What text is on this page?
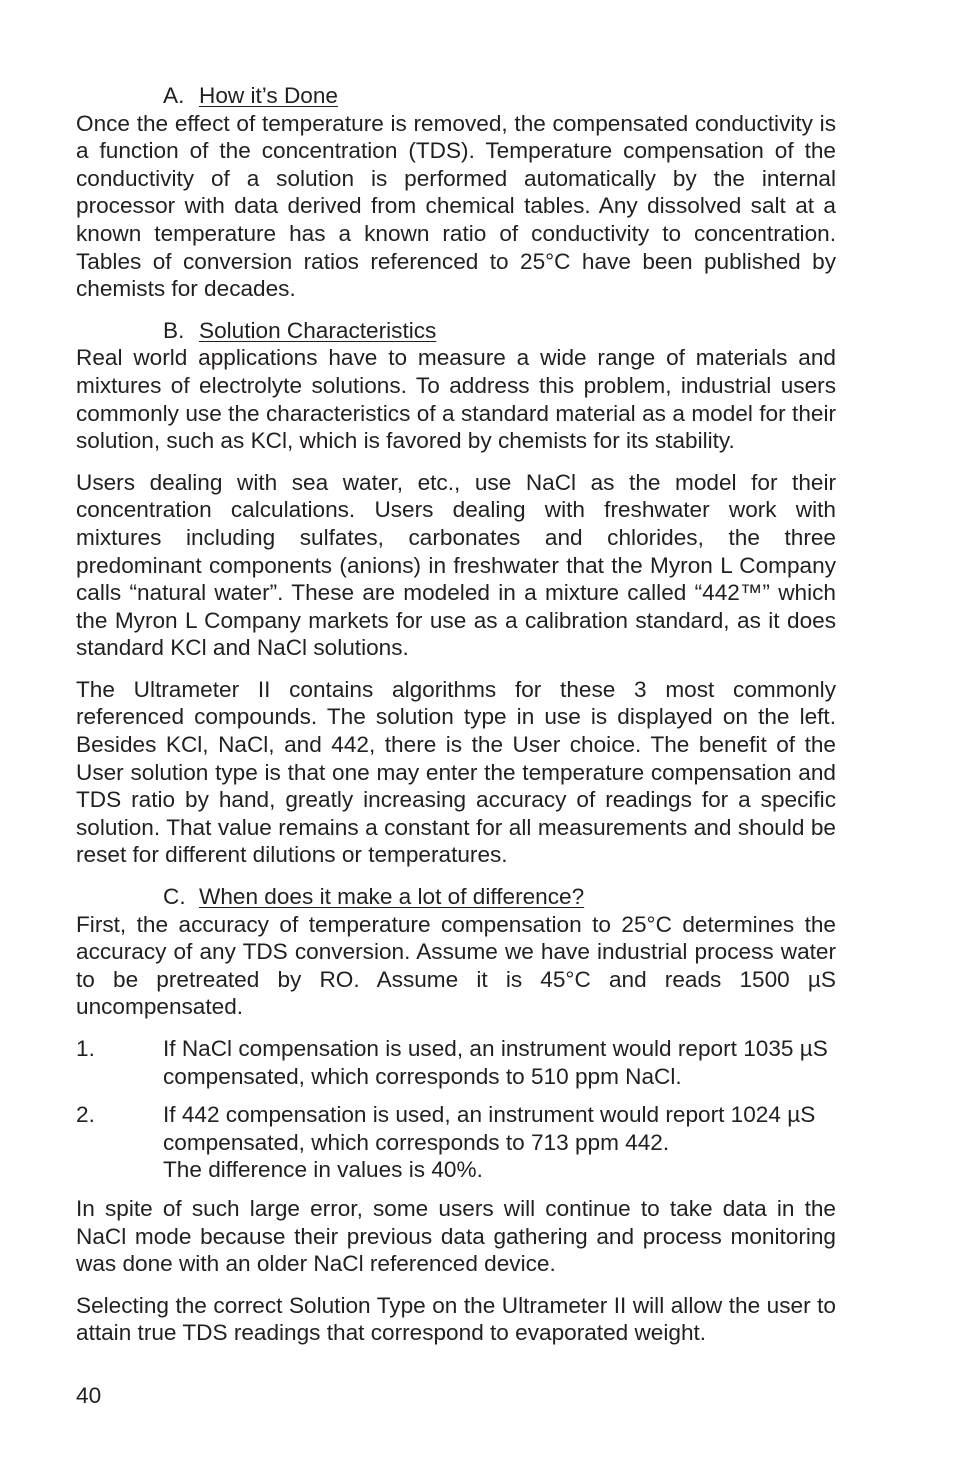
A. How it’s Done

Once the effect of temperature is removed, the compensated conductivity is a function of the concentration (TDS). Temperature compensation of the conductivity of a solution is performed automatically by the internal processor with data derived from chemical tables. Any dissolved salt at a known temperature has a known ratio of conductivity to concentration. Tables of conversion ratios referenced to 25°C have been published by chemists for decades.

B. Solution Characteristics

Real world applications have to measure a wide range of materials and mixtures of electrolyte solutions. To address this problem, industrial users commonly use the characteristics of a standard material as a model for their solution, such as KCl, which is favored by chemists for its stability.

Users dealing with sea water, etc., use NaCl as the model for their concentration calculations. Users dealing with freshwater work with mixtures including sulfates, carbonates and chlorides, the three predominant components (anions) in freshwater that the Myron L Company calls “natural water”. These are modeled in a mixture called “442™” which the Myron L Company markets for use as a calibration standard, as it does standard KCl and NaCl solutions.

The Ultrameter II contains algorithms for these 3 most commonly referenced compounds. The solution type in use is displayed on the left. Besides KCl, NaCl, and 442, there is the User choice. The benefit of the User solution type is that one may enter the temperature compensation and TDS ratio by hand, greatly increasing accuracy of readings for a specific solution. That value remains a constant for all measurements and should be reset for different dilutions or temperatures.

C. When does it make a lot of difference?

First, the accuracy of temperature compensation to 25°C determines the accuracy of any TDS conversion. Assume we have industrial process water to be pretreated by RO. Assume it is 45°C and reads 1500 µS uncompensated.

1.	If NaCl compensation is used, an instrument would report 1035 µS compensated, which corresponds to 510 ppm NaCl.
2.	If 442 compensation is used, an instrument would report 1024 µS compensated, which corresponds to 713 ppm 442.
The difference in values is 40%.

In spite of such large error, some users will continue to take data in the NaCl mode because their previous data gathering and process monitoring was done with an older NaCl referenced device.

Selecting the correct Solution Type on the Ultrameter II will allow the user to attain true TDS readings that correspond to evaporated weight.

40
